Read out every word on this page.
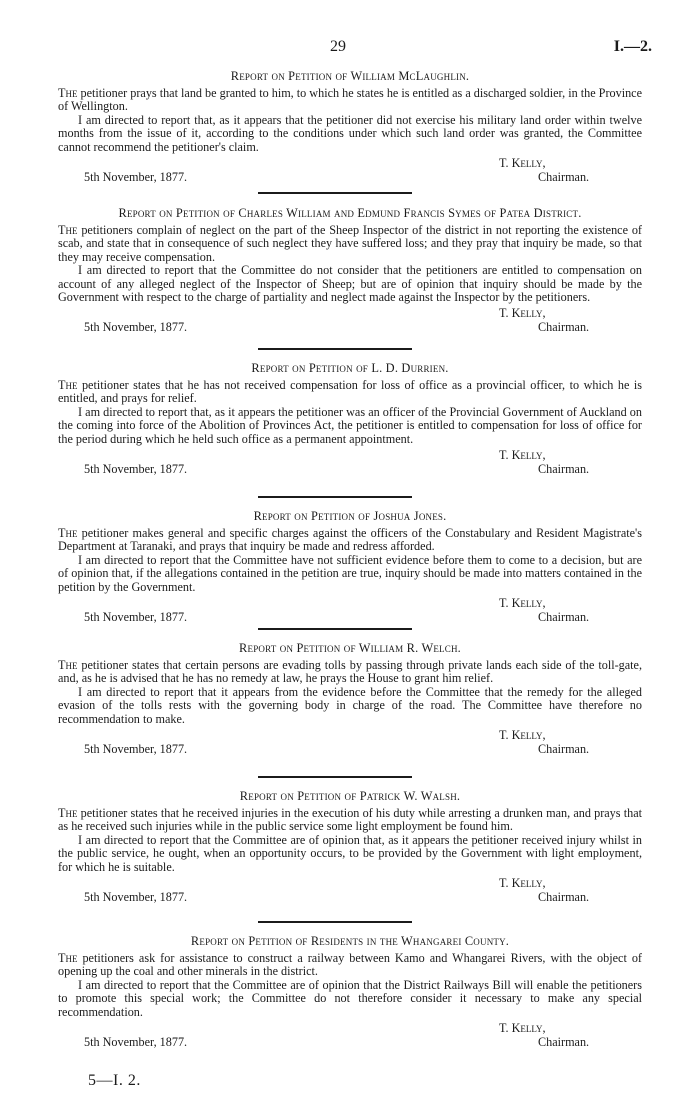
29	I.—2.
Report on Petition of William McLaughlin.

The petitioner prays that land be granted to him, to which he states he is entitled as a discharged soldier, in the Province of Wellington.

I am directed to report that, as it appears that the petitioner did not exercise his military land order within twelve months from the issue of it, according to the conditions under which such land order was granted, the Committee cannot recommend the petitioner's claim.

T. Kelly,
Chairman.
5th November, 1877.
Report on Petition of Charles William and Edmund Francis Symes of Patea District.

The petitioners complain of neglect on the part of the Sheep Inspector of the district in not reporting the existence of scab, and state that in consequence of such neglect they have suffered loss; and they pray that inquiry be made, so that they may receive compensation.

I am directed to report that the Committee do not consider that the petitioners are entitled to compensation on account of any alleged neglect of the Inspector of Sheep; but are of opinion that inquiry should be made by the Government with respect to the charge of partiality and neglect made against the Inspector by the petitioners.

T. Kelly,
Chairman.
5th November, 1877.
Report on Petition of L. D. Durrien.

The petitioner states that he has not received compensation for loss of office as a provincial officer, to which he is entitled, and prays for relief.

I am directed to report that, as it appears the petitioner was an officer of the Provincial Government of Auckland on the coming into force of the Abolition of Provinces Act, the petitioner is entitled to compensation for loss of office for the period during which he held such office as a permanent appointment.

T. Kelly,
Chairman.
5th November, 1877.
Report on Petition of Joshua Jones.

The petitioner makes general and specific charges against the officers of the Constabulary and Resident Magistrate's Department at Taranaki, and prays that inquiry be made and redress afforded.

I am directed to report that the Committee have not sufficient evidence before them to come to a decision, but are of opinion that, if the allegations contained in the petition are true, inquiry should be made into matters contained in the petition by the Government.

T. Kelly,
Chairman.
5th November, 1877.
Report on Petition of William R. Welch.

The petitioner states that certain persons are evading tolls by passing through private lands each side of the toll-gate, and, as he is advised that he has no remedy at law, he prays the House to grant him relief.

I am directed to report that it appears from the evidence before the Committee that the remedy for the alleged evasion of the tolls rests with the governing body in charge of the road. The Committee have therefore no recommendation to make.

T. Kelly,
Chairman.
5th November, 1877.
Report on Petition of Patrick W. Walsh.

The petitioner states that he received injuries in the execution of his duty while arresting a drunken man, and prays that as he received such injuries while in the public service some light employment be found him.

I am directed to report that the Committee are of opinion that, as it appears the petitioner received injury whilst in the public service, he ought, when an opportunity occurs, to be provided by the Government with light employment, for which he is suitable.

T. Kelly,
Chairman.
5th November, 1877.
Report on Petition of Residents in the Whangarei County.

The petitioners ask for assistance to construct a railway between Kamo and Whangarei Rivers, with the object of opening up the coal and other minerals in the district.

I am directed to report that the Committee are of opinion that the District Railways Bill will enable the petitioners to promote this special work; the Committee do not therefore consider it necessary to make any special recommendation.

T. Kelly,
Chairman.
5th November, 1877.
5—I. 2.
